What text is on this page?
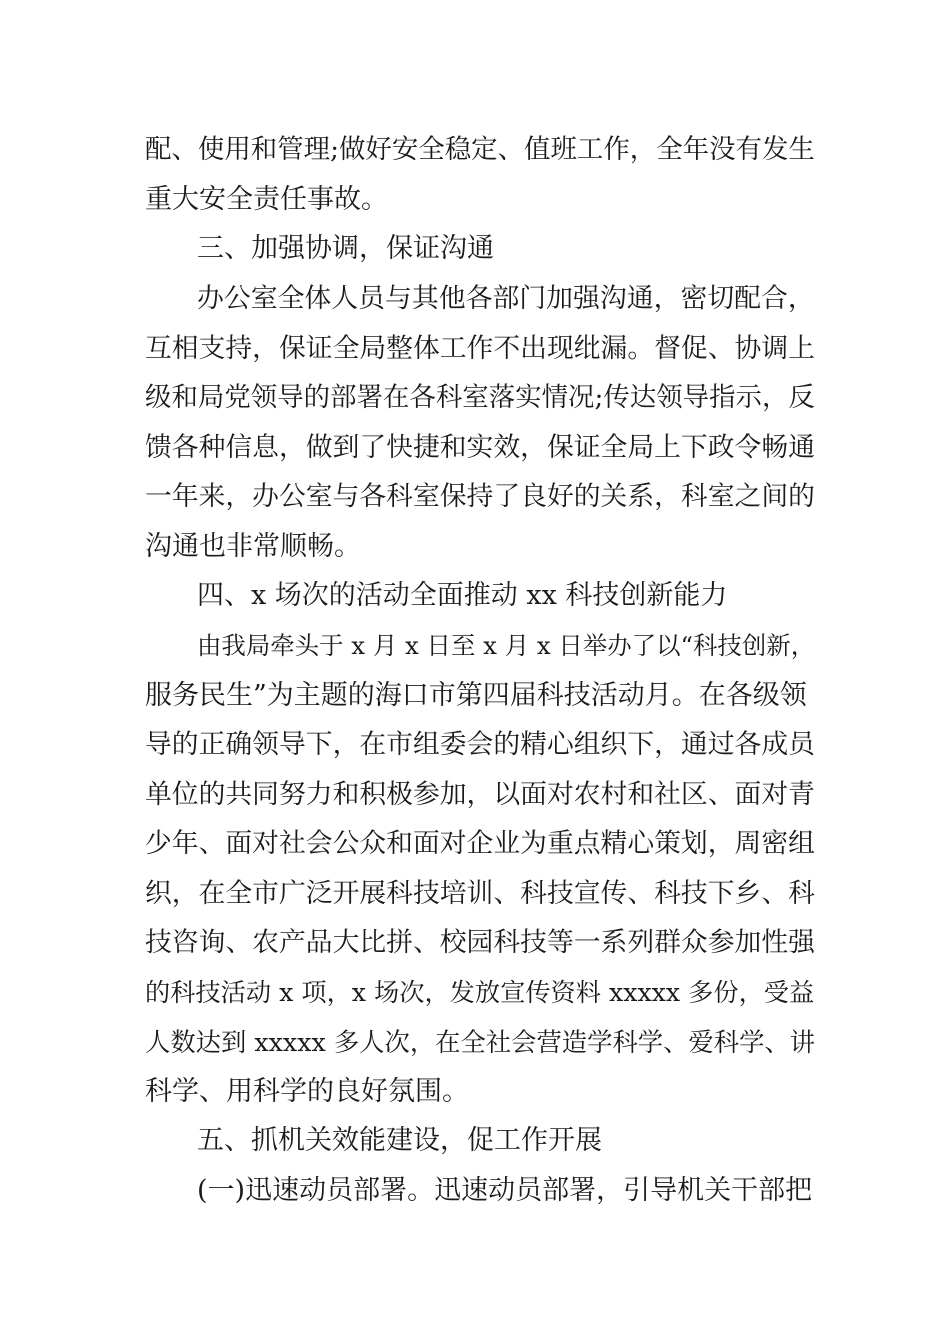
配、使用和管理;做好安全稳定、值班工作，全年没有发生
重大安全责任事故。
三、加强协调，保证沟通
办公室全体人员与其他各部门加强沟通，密切配合，
互相支持，保证全局整体工作不出现纰漏。督促、协调上
级和局党领导的部署在各科室落实情况;传达领导指示，反
馈各种信息，做到了快捷和实效，保证全局上下政令畅通
一年来，办公室与各科室保持了良好的关系，科室之间的
沟通也非常顺畅。
四、x 场次的活动全面推动 xx 科技创新能力
由我局牵头于 x 月 x 日至 x 月 x 日举办了以“科技创新，
服务民生”为主题的海口市第四届科技活动月。在各级领
导的正确领导下，在市组委会的精心组织下，通过各成员
单位的共同努力和积极参加，以面对农村和社区、面对青
少年、面对社会公众和面对企业为重点精心策划，周密组
织，在全市广泛开展科技培训、科技宣传、科技下乡、科
技咨询、农产品大比拼、校园科技等一系列群众参加性强
的科技活动 x 项，x 场次，发放宣传资料 xxxxx 多份，受益
人数达到 xxxxx 多人次，在全社会营造学科学、爱科学、讲
科学、用科学的良好氛围。
五、抓机关效能建设，促工作开展
(一)迅速动员部署。迅速动员部署，引导机关干部把
